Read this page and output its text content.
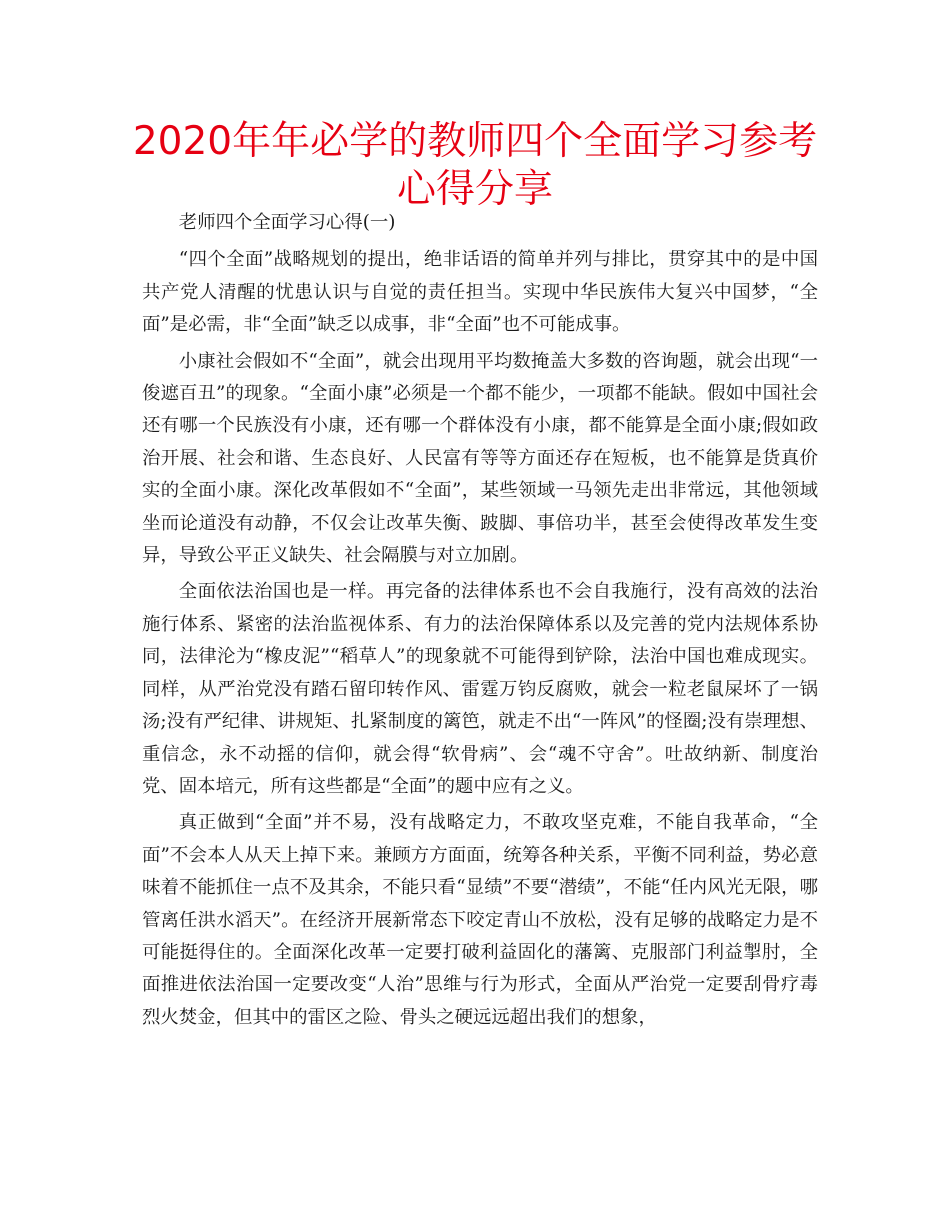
2020年年必学的教师四个全面学习参考心得分享

老师四个全面学习心得(一)

“四个全面”战略规划的提出，绝非话语的简单并列与排比，贯穿其中的是中国共产党人清醒的忧患认识与自觉的责任担当。实现中华民族伟大复兴中国梦，“全面”是必需，非“全面”缺乏以成事，非“全面”也不可能成事。

小康社会假如不“全面”，就会出现用平均数掩盖大多数的咨询题，就会出现“一俊遮百丑”的现象。“全面小康”必须是一个都不能少，一项都不能缺。假如中国社会还有哪一个民族没有小康，还有哪一个群体没有小康，都不能算是全面小康;假如政治开展、社会和谐、生态良好、人民富有等等方面还存在短板，也不能算是货真价实的全面小康。深化改革假如不“全面”，某些领域一马领先走出非常远，其他领域坐而论道没有动静，不仅会让改革失衡、跛脚、事倍功半，甚至会使得改革发生变异，导致公平正义缺失、社会隔膜与对立加剧。

全面依法治国也是一样。再完备的法律体系也不会自我施行，没有高效的法治施行体系、紧密的法治监视体系、有力的法治保障体系以及完善的党内法规体系协同，法律沦为“橡皮泥”“稻草人”的现象就不可能得到铲除，法治中国也难成现实。同样，从严治党没有踏石留印转作风、雷霆万钧反腐败，就会一粒老鼠屎坏了一锅汤;没有严纪律、讲规矩、扎紧制度的篱笆，就走不出“一阵风”的怪圈;没有崇理想、重信念，永不动摇的信仰，就会得“软骨病”、会“魂不守舍”。吐故纳新、制度治党、固本培元，所有这些都是“全面”的题中应有之义。

真正做到“全面”并不易，没有战略定力，不敢攻坚克难，不能自我革命，“全面”不会本人从天上掉下来。兼顾方方面面，统筹各种关系，平衡不同利益，势必意味着不能抓住一点不及其余，不能只看“显绩”不要“潜绩”，不能“任内风光无限，哪管离任洪水滔天”。在经济开展新常态下咬定青山不放松，没有足够的战略定力是不可能挺得住的。全面深化改革一定要打破利益固化的藩篱、克服部门利益掣肘，全面推进依法治国一定要改变“人治”思维与行为形式，全面从严治党一定要刮骨疗毒烈火焚金，但其中的雷区之险、骨头之硬远远超出我们的想象，
